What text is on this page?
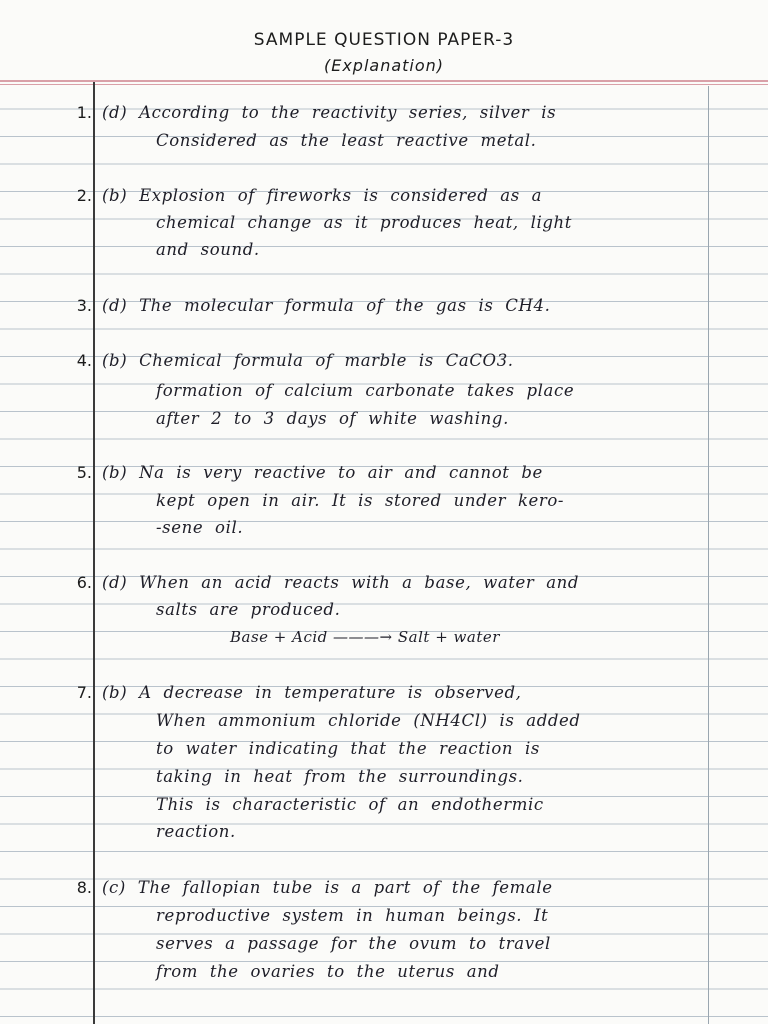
SAMPLE QUESTION PAPER-3
(Explanation)
1. (d) According to the reactivity series, silver is
Considered as the least reactive metal.
2. (b) Explosion of fireworks is considered as a
chemical change as it produces heat, light
and sound.
3. (d) The molecular formula of the gas is CH4.
4. (b) Chemical formula of marble is CaCO3.
formation of calcium carbonate takes place
after 2 to 3 days of white washing.
5. (b) Na is very reactive to air and cannot be
kept open in air. It is stored under kero-
-sene oil.
6. (d) When an acid reacts with a base, water and
salts are produced.
Base + Acid ———→ Salt + water
7. (b) A decrease in temperature is observed,
When ammonium chloride (NH4Cl) is added
to water indicating that the reaction is
taking in heat from the surroundings.
This is characteristic of an endothermic
reaction.
8. (c) The fallopian tube is a part of the female
reproductive system in human beings. It
serves a passage for the ovum to travel
from the ovaries to the uterus and
